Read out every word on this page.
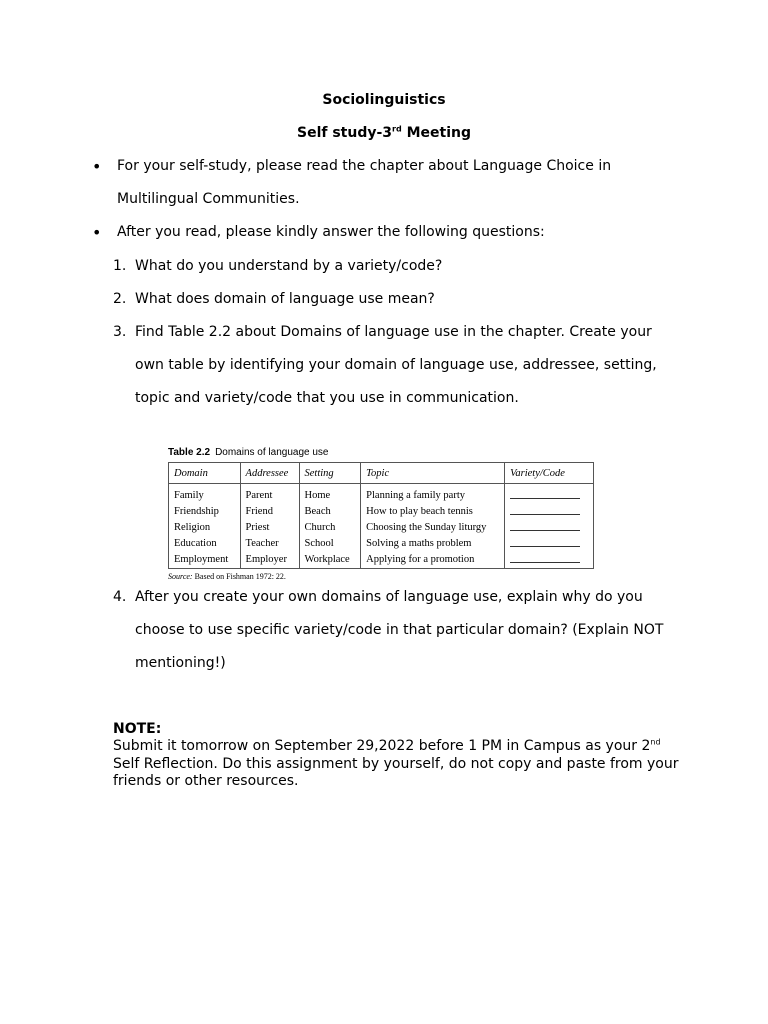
Sociolinguistics
Self study-3rd Meeting
• For your self-study, please read the chapter about Language Choice in
Multilingual Communities.
• After you read, please kindly answer the following questions:
1. What do you understand by a variety/code?
2. What does domain of language use mean?
3. Find Table 2.2 about Domains of language use in the chapter. Create your
own table by identifying your domain of language use, addressee, setting,
topic and variety/code that you use in communication.
Table 2.2 Domains of language use
Domain	Addressee	Setting	Topic	Variety/Code
Family	Parent	Home	Planning a family party	
Friendship	Friend	Beach	How to play beach tennis	
Religion	Priest	Church	Choosing the Sunday liturgy	
Education	Teacher	School	Solving a maths problem	
Employment	Employer	Workplace	Applying for a promotion	
Source: Based on Fishman 1972: 22.
4. After you create your own domains of language use, explain why do you
choose to use specific variety/code in that particular domain? (Explain NOT
mentioning!)
NOTE:
Submit it tomorrow on September 29,2022 before 1 PM in Campus as your 2nd
Self Reflection. Do this assignment by yourself, do not copy and paste from your friends or other resources.
